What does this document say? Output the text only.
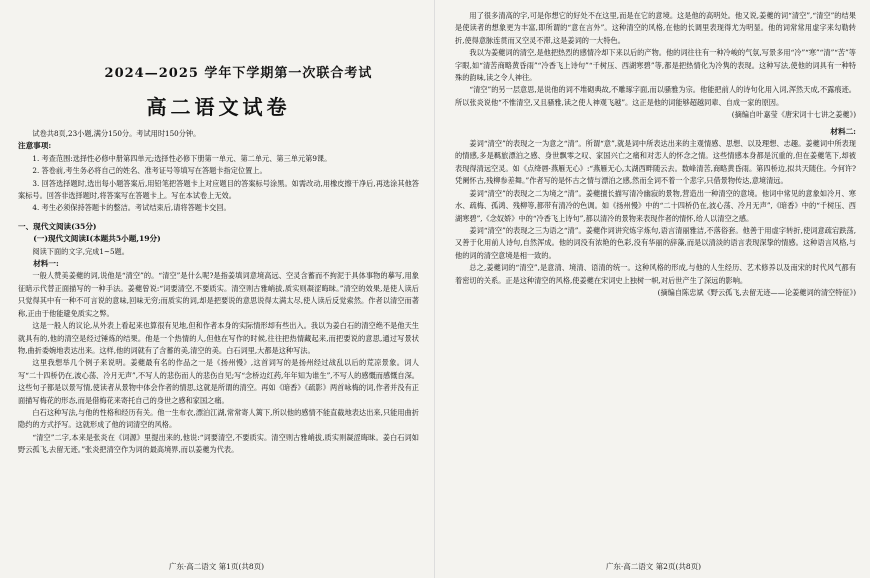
2024—2025 学年下学期第一次联合考试
高二语文试卷

试卷共8页,23小题,满分150分。考试用时150分钟。

注意事项:

1. 考查范围:选择性必修中册第四单元;选择性必修下册第一单元、第二单元、第三单元第9课。

2. 答卷前,考生务必将自己的姓名、准考证号等填写在答题卡指定位置上。

3. 回答选择题时,选出每小题答案后,用铅笔把答题卡上对应题目的答案标号涂黑。如需改动,用橡皮擦干净后,再选涂其他答案标号。回答非选择题时,将答案写在答题卡上。写在本试卷上无效。

4. 考生必须保持答题卡的整洁。考试结束后,请将答题卡交回。

一、现代文阅读(35分)
(一)现代文阅读Ⅰ(本题共5小题,19分)

阅读下面的文字,完成1~5题。

材料一:

一般人赞美姜夔的词,说他是“清空”的。“清空”是什么呢?是指姜填词意境高远、空灵含蓄而不拘泥于具体事物的摹写,用象征暗示代替正面描写的一种手法。姜夔曾说:“词要清空,不要质实。清空则古雅峭拔,质实则凝涩晦昧。”清空的效果,是使人读后只觉得其中有一种不可言说的意味,回味无穷;而质实的词,却是把要说的意思说得太满太尽,使人读后反觉索然。作者以清空而著称,正由于他能避免质实之弊。

这是一般人的议论,从外表上看起来也算很有见地,但和作者本身的实际情形却有些出入。我以为姜白石的清空绝不是他天生就具有的,他的清空是经过锤炼的结果。他是一个热情的人,但他在写作的时候,往往把热情藏起来,而把要说的意思,通过写景状物,曲折委婉地表达出来。这样,他的词就有了含蓄的美,清空的美。白石词里,大都是这种写法。

这里我想举几个例子来说明。姜夔最有名的作品之一是《扬州慢》,这首词写的是扬州经过战乱以后的荒凉景象。词人写“二十四桥仍在,波心荡、冷月无声”,不写人的悲伤而人的悲伤自见;写“念桥边红药,年年知为谁生”,不写人的感慨而感慨自深。这些句子都是以景写情,使读者从景物中体会作者的情思,这就是所谓的清空。再如《暗香》《疏影》两首咏梅的词,作者并没有正面描写梅花的形态,而是借梅花来寄托自己的身世之感和家国之痛。

白石这种写法,与他的性格和经历有关。他一生布衣,漂泊江湖,常常寄人篱下,所以他的感情不能直截地表达出来,只能用曲折隐约的方式抒写。这就形成了他的词清空的风格。

“清空”二字,本来是张炎在《词源》里提出来的,他说:“词要清空,不要质实。清空则古雅峭拔,质实则凝涩晦昧。姜白石词如野云孤飞,去留无迹。”张炎把清空作为词的最高境界,而以姜夔为代表。

广东·高二语文 第1页(共8页)

用了很多清高的字,可是你想它的好处不在这里,而是在它的意境。这是他的高明处。他又说,姜夔的词“清空”,“清空”的结果是使读者的想象更为丰富,即所谓的“意在言外”。这种清空的风格,在他的长调里表现得尤为明显。他的词常常用虚字来勾勒转折,使得意脉连贯而又空灵不滞,这是姜词的一大特色。

我以为姜夔词的清空,是他把热烈的感情冷却下来以后的产物。他的词往往有一种冷峻的气氛,写景多用“冷”“寒”“清”“苦”等字眼,如“清苦商略黄昏雨”“冷香飞上诗句”“千树压、西湖寒碧”等,都是把热情化为冷隽的表现。这种写法,使他的词具有一种特殊的韵味,读之令人神往。

“清空”的另一层意思,是说他的词不堆砌典故,不雕琢字面,而以骚雅为宗。他能把前人的诗句化用入词,浑然天成,不露痕迹。所以张炎说他“不惟清空,又且骚雅,读之使人神观飞越”。这正是他的词能够超越同辈、自成一家的原因。

(摘编自叶嘉莹《唐宋词十七讲之姜夔》)
材料二:

姜词“清空”的表现之一为意之“清”。所谓“意”,就是词中所表达出来的主观情感、思想、以及理想、志趣。姜夔词中所表现的情感,多是羁旅漂泊之感、身世飘零之叹、家国兴亡之痛和对恋人的怀念之情。这些情感本身都是沉重的,但在姜夔笔下,却被表现得清远空灵。如《点绛唇·燕雁无心》:“燕雁无心,太湖西畔随云去。数峰清苦,商略黄昏雨。第四桥边,拟共天随住。今何许?凭阑怀古,残柳参差舞。”作者写的是怀古之情与漂泊之感,然而全词不着一个悲字,只借景物传达,意境清远。

姜词“清空”的表现之二为境之“清”。姜夔擅长描写清冷幽寂的景物,营造出一种清空的意境。他词中常见的意象如冷月、寒水、疏梅、孤鸿、残柳等,都带有清冷的色调。如《扬州慢》中的“二十四桥仍在,波心荡、冷月无声”,《暗香》中的“千树压、西湖寒碧”,《念奴娇》中的“冷香飞上诗句”,都以清冷的景物来表现作者的情怀,给人以清空之感。

姜词“清空”的表现之三为语之“清”。姜夔作词讲究炼字炼句,语言清丽雅洁,不落俗套。他善于用虚字转折,使词意疏宕跌荡,又善于化用前人诗句,自然浑成。他的词没有浓艳的色彩,没有华丽的辞藻,而是以清淡的语言表现深挚的情感。这种语言风格,与他的词的清空意境是相一致的。

总之,姜夔词的“清空”,是意清、境清、语清的统一。这种风格的形成,与他的人生经历、艺术修养以及南宋的时代风气都有着密切的关系。正是这种清空的风格,使姜夔在宋词史上独树一帜,对后世产生了深远的影响。

(摘编自陈忠斌《野云孤飞,去留无迹——论姜夔词的清空特征》)
广东·高二语文 第2页(共8页)
